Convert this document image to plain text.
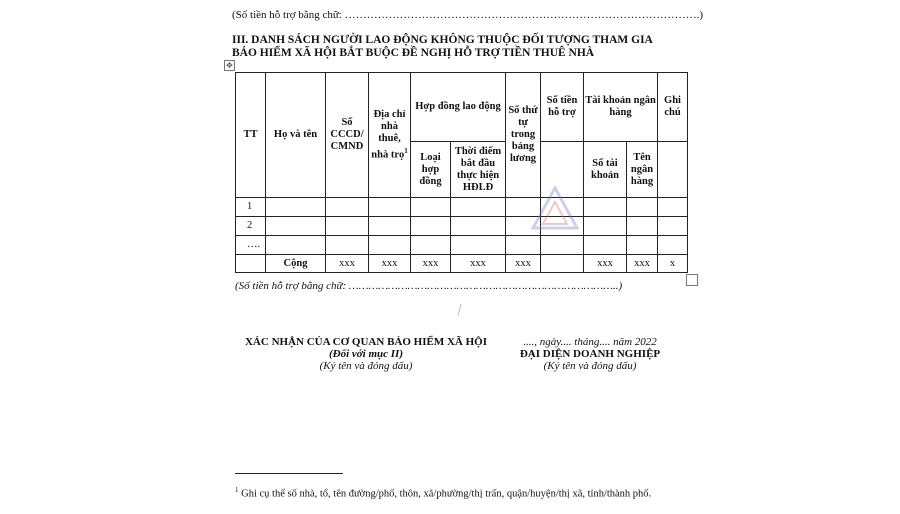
(Số tiền hỗ trợ bằng chữ: …………………………………………………………………………………….)
III. DANH SÁCH NGƯỜI LAO ĐỘNG KHÔNG THUỘC ĐỐI TƯỢNG THAM GIA BẢO HIỂM XÃ HỘI BẮT BUỘC ĐỀ NGHỊ HỖ TRỢ TIỀN THUÊ NHÀ
✥
TT	Họ và tên	Số CCCD/ CMND	Địa chỉ nhà thuê, nhà trọ$^1$	Hợp đồng lao động		Số thứ tự trong bảng lương	Số tiền hỗ trợ	Tài khoản ngân hàng		Ghi chú
				Loại hợp đồng	Thời điểm bắt đầu thực hiện HĐLĐ			Số tài khoản	Tên ngân hàng	
1										
2										
….										
	Cộng	xxx	xxx	xxx	xxx	xxx		xxx	xxx	x
(Số tiền hỗ trợ bằng chữ: ………………………………………………………………………..)
XÁC NHẬN CỦA CƠ QUAN BẢO HIỂM XÃ HỘI
(Đối với mục II)
(Ký tên và đóng dấu)
...., ngày.... tháng.... năm 2022
ĐẠI DIỆN DOANH NGHIỆP
(Ký tên và đóng dấu)
$^1$ Ghi cụ thể số nhà, tổ, tên đường/phố, thôn, xã/phường/thị trấn, quận/huyện/thị xã, tỉnh/thành phố.
